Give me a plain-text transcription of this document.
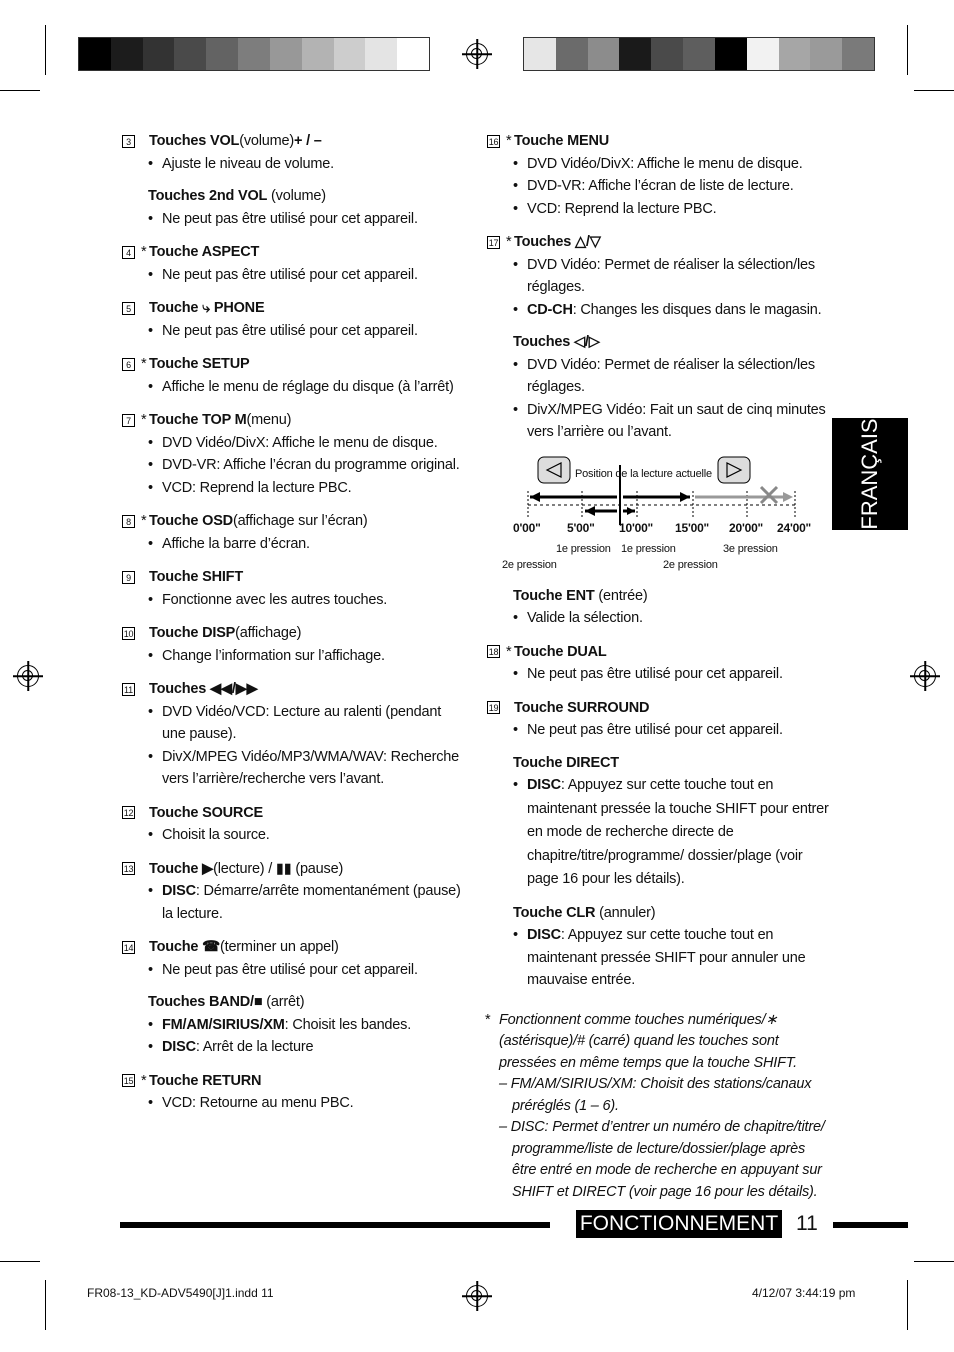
3 Touches VOL (volume) + / –
• Ajuste le niveau de volume.
Touches 2nd VOL (volume)
• Ne peut pas être utilisé pour cet appareil.
4 * Touche ASPECT
• Ne peut pas être utilisé pour cet appareil.
5 Touche ⤷ PHONE
• Ne peut pas être utilisé pour cet appareil.
6 * Touche SETUP
• Affiche le menu de réglage du disque (à l’arrêt)
7 * Touche TOP M (menu)
• DVD Vidéo/DivX: Affiche le menu de disque.
• DVD-VR: Affiche l’écran du programme original.
• VCD: Reprend la lecture PBC.
8 * Touche OSD (affichage sur l’écran)
• Affiche la barre d’écran.
9 Touche SHIFT
• Fonctionne avec les autres touches.
10 Touche DISP (affichage)
• Change l’information sur l’affichage.
11 Touches ◀◀/▶▶
• DVD Vidéo/VCD: Lecture au ralenti (pendant une pause).
• DivX/MPEG Vidéo/MP3/WMA/WAV: Recherche vers l’arrière/recherche vers l’avant.
12 Touche SOURCE
• Choisit la source.
13 Touche ▶ (lecture) / ▮▮ (pause)
• DISC: Démarre/arrête momentanément (pause) la lecture.
14 Touche ☎ (terminer un appel)
• Ne peut pas être utilisé pour cet appareil.
Touches BAND/■ (arrêt)
• FM/AM/SIRIUS/XM: Choisit les bandes.
• DISC: Arrêt de la lecture
15 * Touche RETURN
• VCD: Retourne au menu PBC.
16 * Touche MENU
• DVD Vidéo/DivX: Affiche le menu de disque.
• DVD-VR: Affiche l’écran de liste de lecture.
• VCD: Reprend la lecture PBC.
17 * Touches △/▽
• DVD Vidéo: Permet de réaliser la sélection/les réglages.
• CD-CH: Changes les disques dans le magasin.
Touches ◁/▷
• DVD Vidéo: Permet de réaliser la sélection/les réglages.
• DivX/MPEG Vidéo: Fait un saut de cinq minutes vers l’arrière ou l’avant.
Position de la lecture actuelle
0'00" 5'00" 10'00" 15'00" 20'00" 24'00"
1e pression 1e pression	3e pression
2e pression	2e pression
Touche ENT (entrée)
• Valide la sélection.
18 * Touche DUAL
• Ne peut pas être utilisé pour cet appareil.
19 Touche SURROUND
• Ne peut pas être utilisé pour cet appareil.
Touche DIRECT
• DISC: Appuyez sur cette touche tout en maintenant pressée la touche SHIFT pour entrer en mode de recherche directe de chapitre/titre/programme/ dossier/plage (voir page 16 pour les détails).
Touche CLR (annuler)
• DISC: Appuyez sur cette touche tout en maintenant pressée SHIFT pour annuler une mauvaise entrée.
* Fonctionnent comme touches numériques/∗ (astérisque)/# (carré) quand les touches sont pressées en même temps que la touche SHIFT.
– FM/AM/SIRIUS/XM: Choisit des stations/canaux préréglés (1 – 6).
– DISC: Permet d’entrer un numéro de chapitre/titre/ programme/liste de lecture/dossier/plage après être entré en mode de recherche en appuyant sur SHIFT et DIRECT (voir page 16 pour les détails).
FRANÇAIS
FONCTIONNEMENT 11
FR08-13_KD-ADV5490[J]1.indd 11	4/12/07 3:44:19 pm
